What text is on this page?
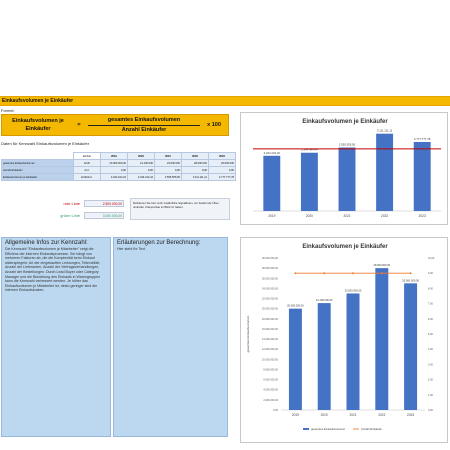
Einkaufsvolumen je Einkäufer
Formel:
Einkaufsvolumen je
Einkäufer
=
gesamtes Einkaufsvolumen
Anzahl Einkäufer
x 100
Daten für Kennzahl Einkaufsvolumen je Einkäufer
	Einheit	2019	2020	2021	2022	2023
gesamtes Einkaufsvolumen	EUR	20.000.000,00	21.100.000	23.000.000	28.000.000	25.000.000
Anzahl Einkäufer	Anz.	9,00	9,00	9,00	9,00	9,00
Einkaufsvolumen je Einkäufer	EUR/Anz.	2.222.222,22	2.344.444,44	2.555.555,56	3.111.111,11	2.777.777,78
rote Linie	2.500.000,00
grüne Linie	3.000.000,00
Definieren Sie hier noch zusätzliche Signallinien, um bestimmte Über- und/oder Unterpunkte im Blick zu haben.
Allgemeine Infos zur Kennzahl:
Die Kennzahl "Einkaufsvolumen je Mitarbeiter" zeigt die Effizienz der internen Einkaufsprozesse. Sie hängt von mehreren Faktoren ab, die die Komplexität beim Einkauf widerspiegeln: Art der eingekauften Leistungen, Teilevielfalt, Anzahl der Lieferanten, Anzahl der Vertragsverhandlungen, Anzahl der Bestellungen. Durch Lead Buyer oder Category Manager und die Bündelung des Einkaufs in Warengruppen kann die Kennzahl verbessert werden. Je höher das Einkaufsvolumen je Mitarbeiter ist, desto geringer sind die internen Einkaufskosten.
Erläuterungen zur Berechnung:
Hier steht Ihr Text
Einkaufsvolumen je Einkäufer
2.222.222,22
2019
2.344.444,44
2020
2.555.555,56
2021
3.111.111,11
2022
2.777.777,78
2023
Einkaufsvolumen je Einkäufer
0,00
2.000.000,00
4.000.000,00
6.000.000,00
8.000.000,00
10.000.000,00
12.000.000,00
14.000.000,00
16.000.000,00
18.000.000,00
20.000.000,00
22.000.000,00
24.000.000,00
26.000.000,00
28.000.000,00
30.000.000,00
0,00
1,00
2,00
3,00
4,00
5,00
6,00
7,00
8,00
9,00
10,00
gesamtes Einkaufsvolumen
20.000.000,00
2019
21.100.000,00
2020
23.000.000,00
2021
28.000.000,00
2022
25.000.000,00
2023
gesamtes Einkaufsvolumen	Anzahl Einkäufer
